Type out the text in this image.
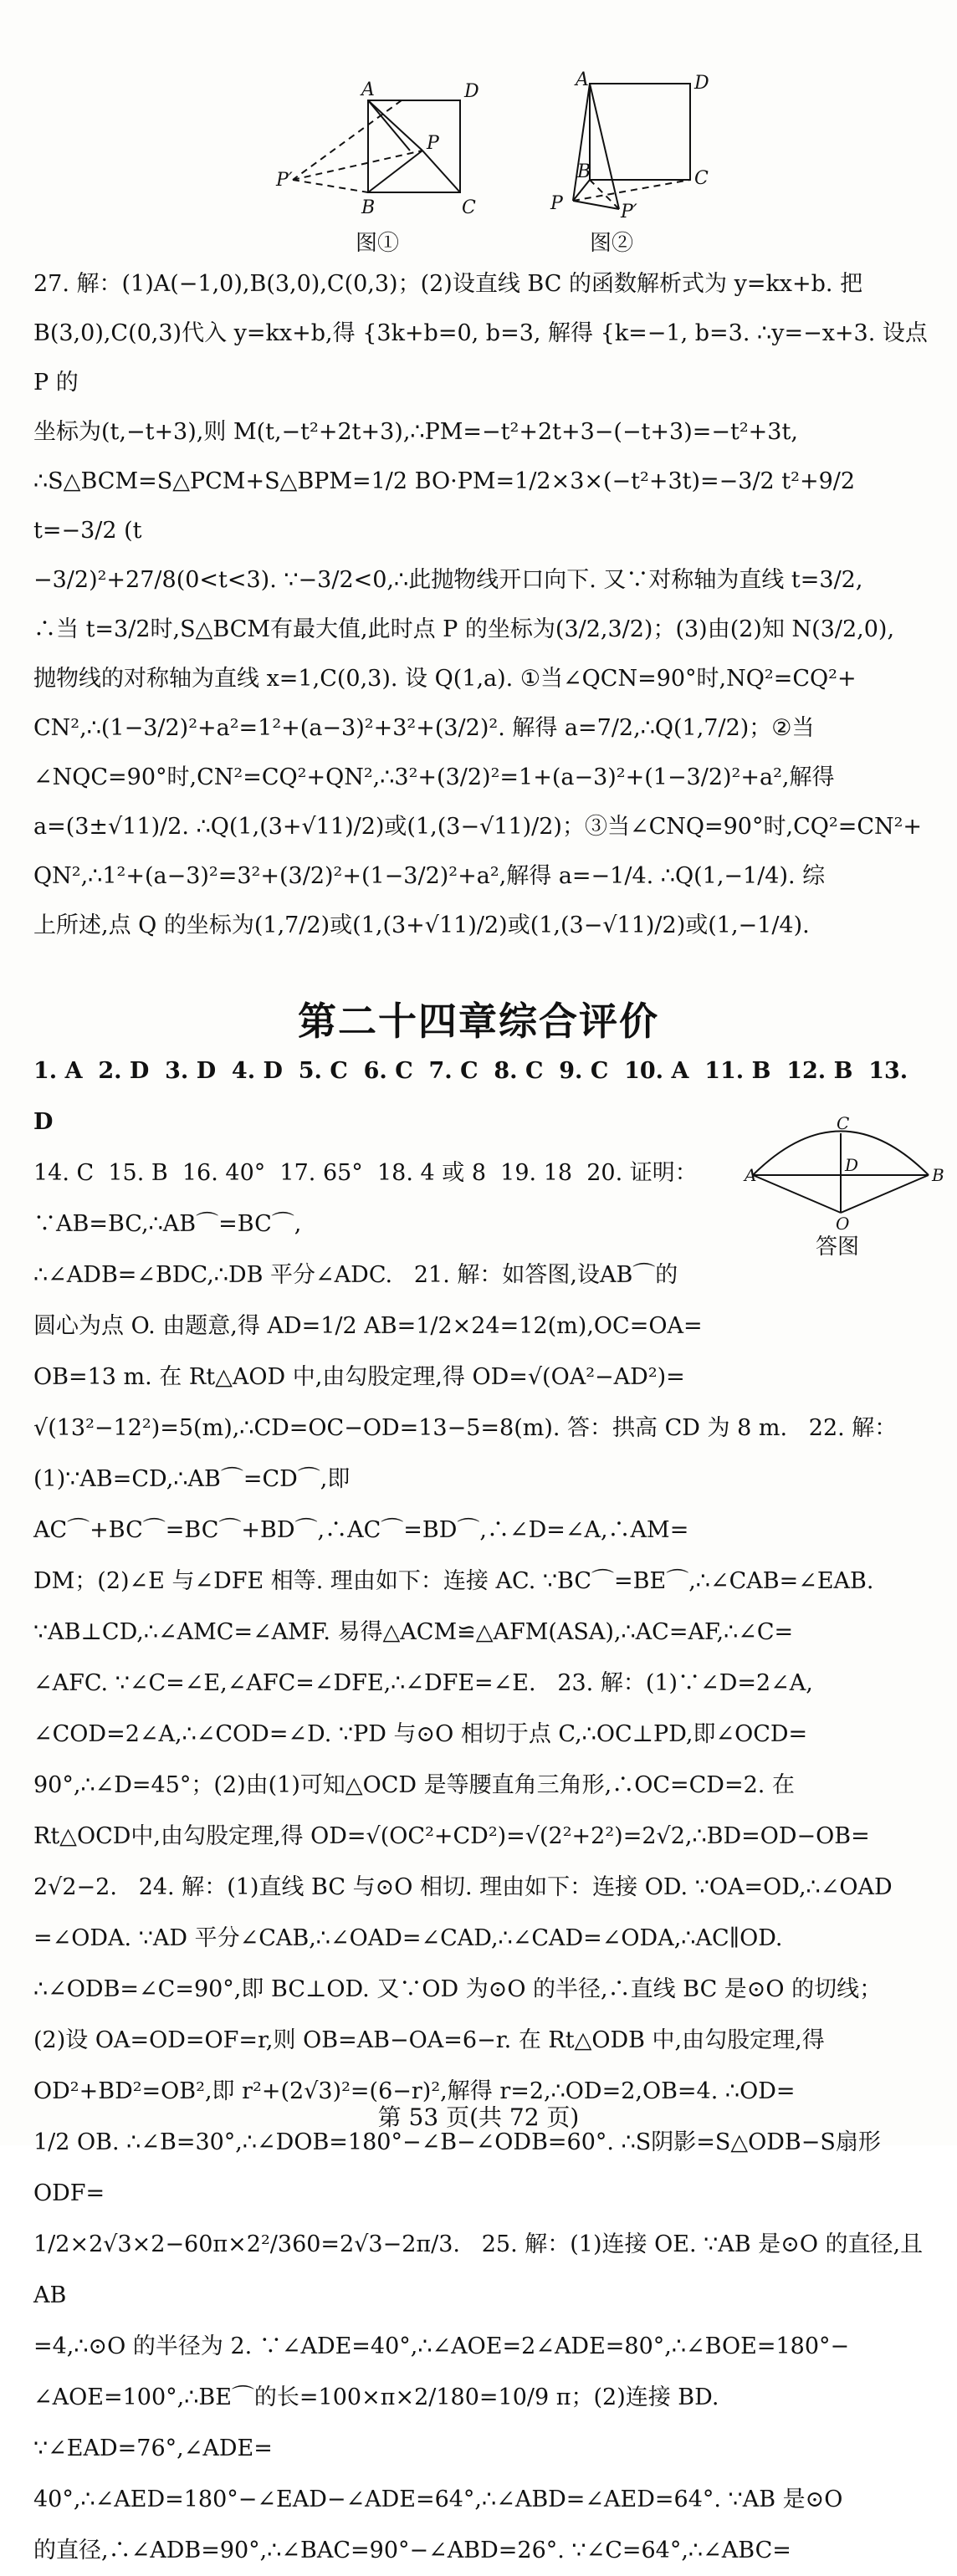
A	D
P
P′
B	C
A	D
B	C
P	P′
图①	图②

27. 解：(1)A(−1,0),B(3,0),C(0,3)；(2)设直线 BC 的函数解析式为 y=kx+b. 把

B(3,0),C(0,3)代入 y=kx+b,得 {3k+b=0, b=3, 解得 {k=−1, b=3. ∴y=−x+3. 设点 P 的

坐标为(t,−t+3),则 M(t,−t²+2t+3),∴PM=−t²+2t+3−(−t+3)=−t²+3t,

∴S△BCM=S△PCM+S△BPM=1/2 BO·PM=1/2×3×(−t²+3t)=−3/2 t²+9/2 t=−3/2 (t

−3/2)²+27/8(0<t<3). ∵−3/2<0,∴此抛物线开口向下. 又∵对称轴为直线 t=3/2,

∴当 t=3/2时,S△BCM有最大值,此时点 P 的坐标为(3/2,3/2)；(3)由(2)知 N(3/2,0),

抛物线的对称轴为直线 x=1,C(0,3). 设 Q(1,a). ①当∠QCN=90°时,NQ²=CQ²+

CN²,∴(1−3/2)²+a²=1²+(a−3)²+3²+(3/2)². 解得 a=7/2,∴Q(1,7/2)；②当

∠NQC=90°时,CN²=CQ²+QN²,∴3²+(3/2)²=1+(a−3)²+(1−3/2)²+a²,解得

a=(3±√11)/2. ∴Q(1,(3+√11)/2)或(1,(3−√11)/2)；③当∠CNQ=90°时,CQ²=CN²+

QN²,∴1²+(a−3)²=3²+(3/2)²+(1−3/2)²+a²,解得 a=−1/4. ∴Q(1,−1/4). 综

上所述,点 Q 的坐标为(1,7/2)或(1,(3+√11)/2)或(1,(3−√11)/2)或(1,−1/4).

第二十四章综合评价
A	B
C
D
O
答图

1. A  2. D  3. D  4. D  5. C  6. C  7. C  8. C  9. C  10. A  11. B  12. B  13. D

14. C  15. B  16. 40°  17. 65°  18. 4 或 8  19. 18  20. 证明：∵AB=BC,∴AB⌒=BC⌒,

∴∠ADB=∠BDC,∴DB 平分∠ADC.   21. 解：如答图,设AB⌒的

圆心为点 O. 由题意,得 AD=1/2 AB=1/2×24=12(m),OC=OA=

OB=13 m. 在 Rt△AOD 中,由勾股定理,得 OD=√(OA²−AD²)=

√(13²−12²)=5(m),∴CD=OC−OD=13−5=8(m). 答：拱高 CD 为 8 m.   22. 解：

(1)∵AB=CD,∴AB⌒=CD⌒,即AC⌒+BC⌒=BC⌒+BD⌒,∴AC⌒=BD⌒,∴∠D=∠A,∴AM=

DM；(2)∠E 与∠DFE 相等. 理由如下：连接 AC. ∵BC⌒=BE⌒,∴∠CAB=∠EAB.

∵AB⊥CD,∴∠AMC=∠AMF. 易得△ACM≌△AFM(ASA),∴AC=AF,∴∠C=

∠AFC. ∵∠C=∠E,∠AFC=∠DFE,∴∠DFE=∠E.   23. 解：(1)∵∠D=2∠A,

∠COD=2∠A,∴∠COD=∠D. ∵PD 与⊙O 相切于点 C,∴OC⊥PD,即∠OCD=

90°,∴∠D=45°；(2)由(1)可知△OCD 是等腰直角三角形,∴OC=CD=2. 在

Rt△OCD中,由勾股定理,得 OD=√(OC²+CD²)=√(2²+2²)=2√2,∴BD=OD−OB=

2√2−2.   24. 解：(1)直线 BC 与⊙O 相切. 理由如下：连接 OD. ∵OA=OD,∴∠OAD

=∠ODA. ∵AD 平分∠CAB,∴∠OAD=∠CAD,∴∠CAD=∠ODA,∴AC∥OD.

∴∠ODB=∠C=90°,即 BC⊥OD. 又∵OD 为⊙O 的半径,∴直线 BC 是⊙O 的切线；

(2)设 OA=OD=OF=r,则 OB=AB−OA=6−r. 在 Rt△ODB 中,由勾股定理,得

OD²+BD²=OB²,即 r²+(2√3)²=(6−r)²,解得 r=2,∴OD=2,OB=4. ∴OD=

1/2 OB. ∴∠B=30°,∴∠DOB=180°−∠B−∠ODB=60°. ∴S阴影=S△ODB−S扇形ODF=

1/2×2√3×2−60π×2²/360=2√3−2π/3.   25. 解：(1)连接 OE. ∵AB 是⊙O 的直径,且 AB

=4,∴⊙O 的半径为 2. ∵∠ADE=40°,∴∠AOE=2∠ADE=80°,∴∠BOE=180°−

∠AOE=100°,∴BE⌒的长=100×π×2/180=10/9 π；(2)连接 BD. ∵∠EAD=76°,∠ADE=

40°,∴∠AED=180°−∠EAD−∠ADE=64°,∴∠ABD=∠AED=64°. ∵AB 是⊙O

的直径,∴∠ADB=90°,∴∠BAC=90°−∠ABD=26°. ∵∠C=64°,∴∠ABC=

第 53 页(共 72 页)
